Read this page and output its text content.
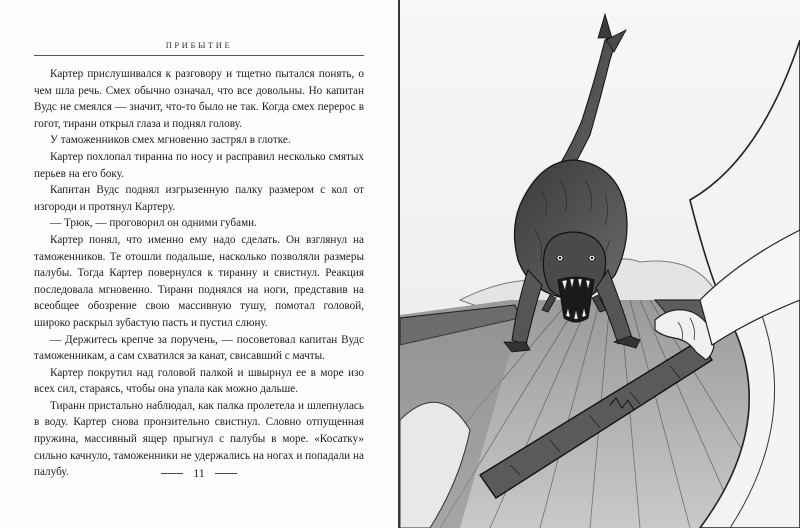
ПРИБЫТИЕ

Картер прислушивался к разговору и тщетно пытался понять, о чем шла речь. Смех обычно означал, что все довольны. Но капитан Вудс не смеялся — значит, что-то было не так. Когда смех перерос в гогот, тиранн открыл глаза и поднял голову.

У таможенников смех мгновенно застрял в глотке.

Картер похлопал тиранна по носу и расправил несколько смятых перьев на его боку.

Капитан Вудс поднял изгрызенную палку размером с кол от изгороди и протянул Картеру.

— Трюк, — проговорил он одними губами.

Картер понял, что именно ему надо сделать. Он взглянул на таможенников. Те отошли подальше, насколько позволяли размеры палубы. Тогда Картер повернулся к тиранну и свистнул. Реакция последовала мгновенно. Тиранн поднялся на ноги, представив на всеобщее обозрение свою массивную тушу, помотал головой, широко раскрыл зубастую пасть и пустил слюну.

— Держитесь крепче за поручень, — посоветовал капитан Вудс таможенникам, а сам схватился за канат, свисавший с мачты.

Картер покрутил над головой палкой и швырнул ее в море изо всех сил, стараясь, чтобы она упала как можно дальше.

Тиранн пристально наблюдал, как палка пролетела и шлепнулась в воду. Картер снова пронзительно свистнул. Словно отпущенная пружина, массивный ящер прыгнул с палубы в море. «Косатку» сильно качнуло, таможенники не удержались на ногах и попадали на палубу.	11
